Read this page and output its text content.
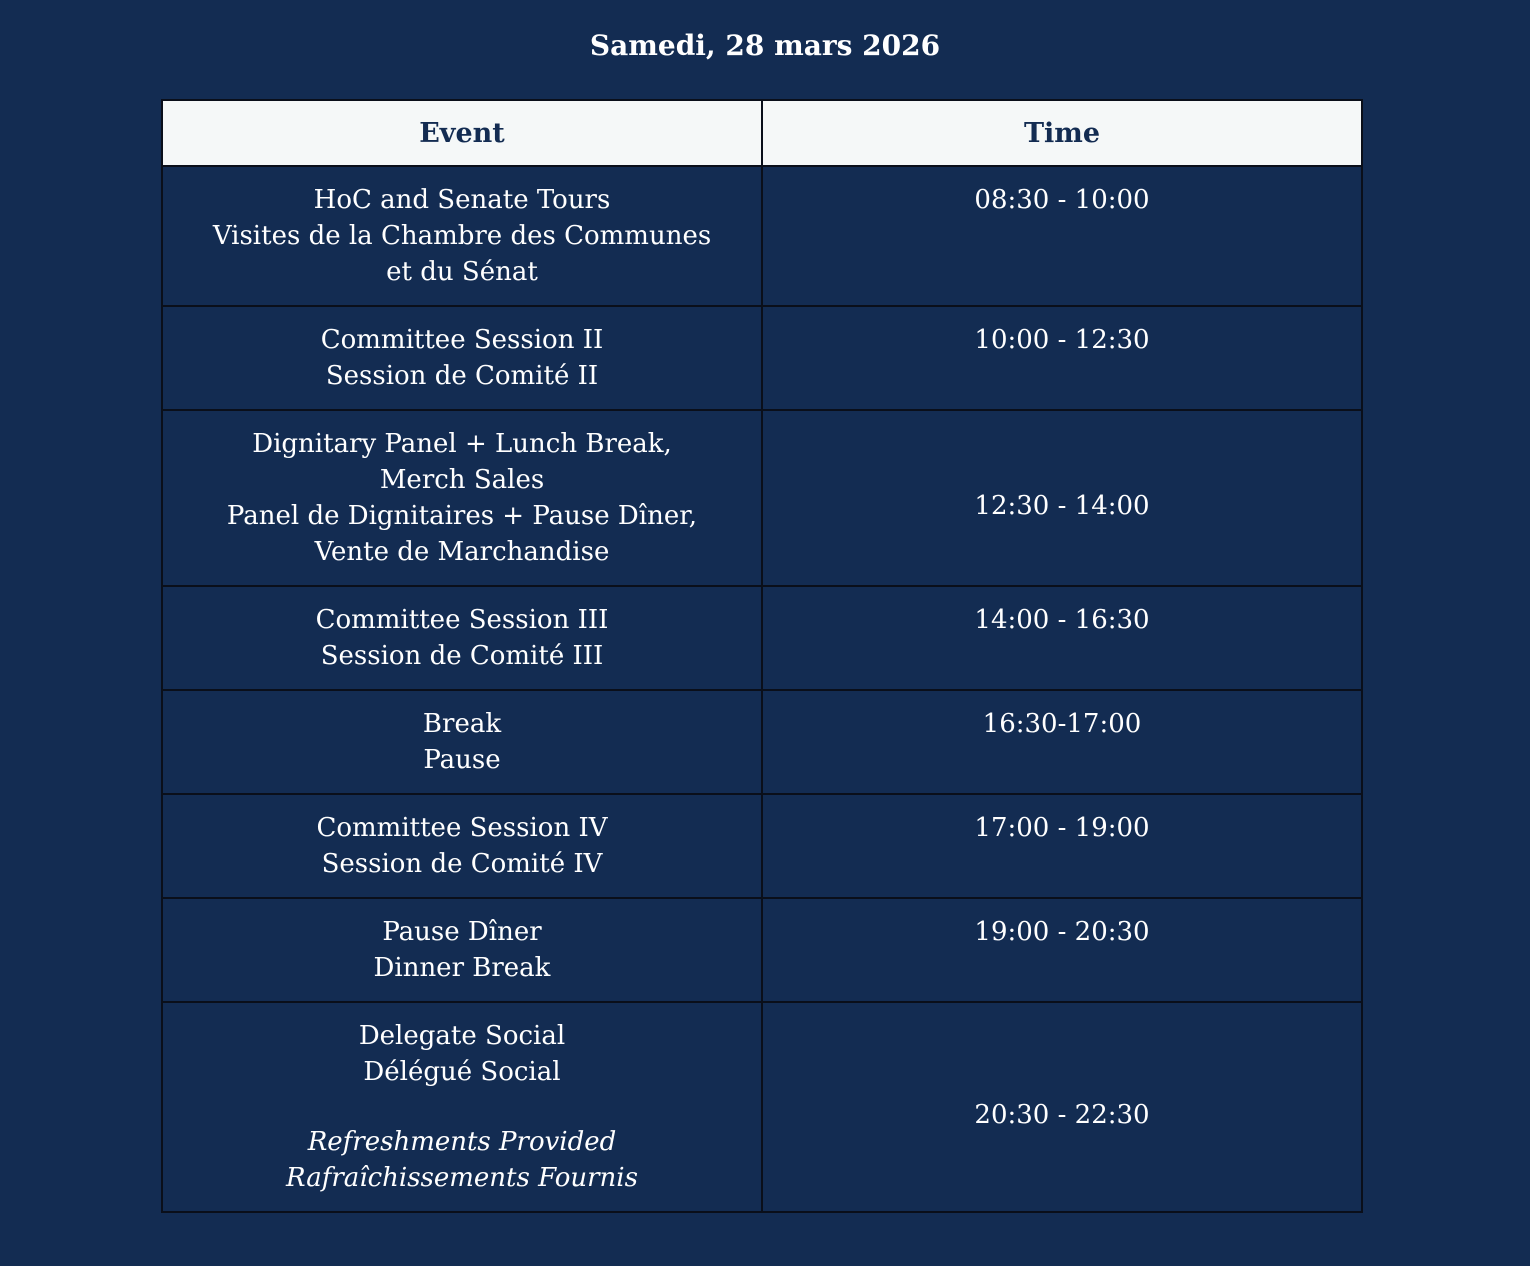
Samedi, 28 mars 2026
Event	Time

HoC and Senate Tours
Visites de la Chambre des Communes
et du Sénat	08:30 - 10:00

Committee Session II
Session de Comité II	10:00 - 12:30

Dignitary Panel + Lunch Break,
Merch Sales
Panel de Dignitaires + Pause Dîner,
Vente de Marchandise	12:30 - 14:00

Committee Session III
Session de Comité III	14:00 - 16:30

Break
Pause	16:30-17:00

Committee Session IV
Session de Comité IV	17:00 - 19:00

Pause Dîner
Dinner Break	19:00 - 20:30

Delegate Social
Délégué Social
Refreshments Provided
Rafraîchissements Fournis	20:30 - 22:30
